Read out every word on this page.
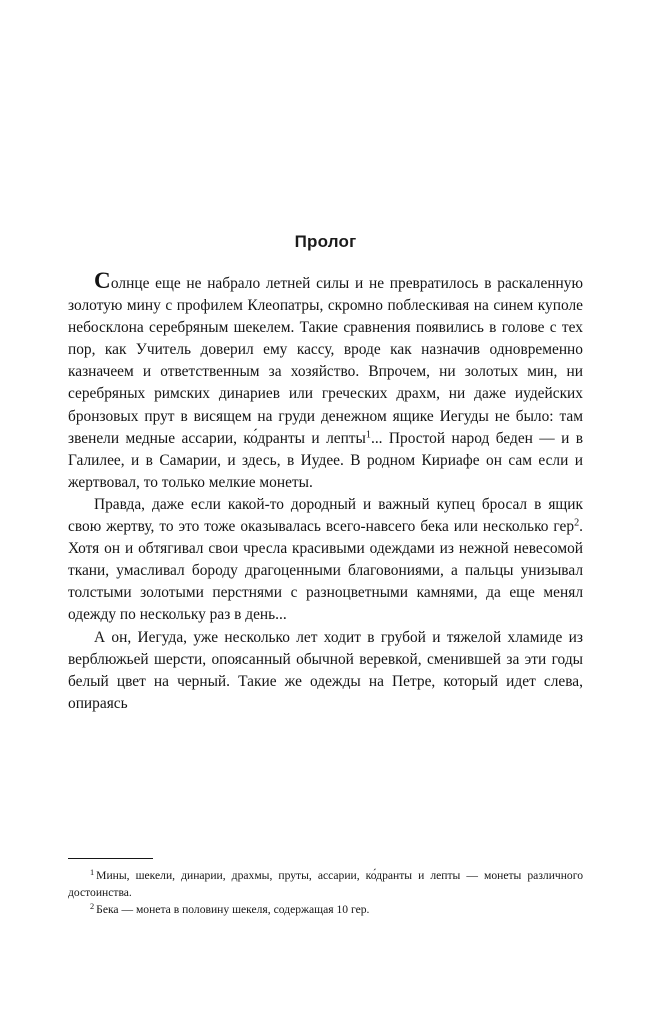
Пролог

Солнце еще не набрало летней силы и не превратилось в раскаленную золотую мину с профилем Клеопатры, скромно поблескивая на синем куполе небосклона серебряным шекелем. Такие сравнения появились в голове с тех пор, как Учитель доверил ему кассу, вроде как назначив одновременно казначеем и ответственным за хозяйство. Впрочем, ни золотых мин, ни серебряных римских динариев или греческих драхм, ни даже иудейских бронзовых прут в висящем на груди денежном ящике Иегуды не было: там звенели медные ассарии, ко́дранты и лепты$^1$... Простой народ беден — и в Галилее, и в Самарии, и здесь, в Иудее. В родном Кириафе он сам если и жертвовал, то только мелкие монеты.

Правда, даже если какой-то дородный и важный купец бросал в ящик свою жертву, то это тоже оказывалась всего-навсего бека или несколько гер$^2$. Хотя он и обтягивал свои чресла красивыми одеждами из нежной невесомой ткани, умасливал бороду драгоценными благовониями, а пальцы унизывал толстыми золотыми перстнями с разноцветными камнями, да еще менял одежду по нескольку раз в день...

А он, Иегуда, уже несколько лет ходит в грубой и тяжелой хламиде из верблюжьей шерсти, опоясанный обычной веревкой, сменившей за эти годы белый цвет на черный. Такие же одежды на Петре, который идет слева, опираясь

$^1$ Мины, шекели, динарии, драхмы, пруты, ассарии, ко́дранты и лепты — монеты различного достоинства.

$^2$ Бека — монета в половину шекеля, содержащая 10 гер.
